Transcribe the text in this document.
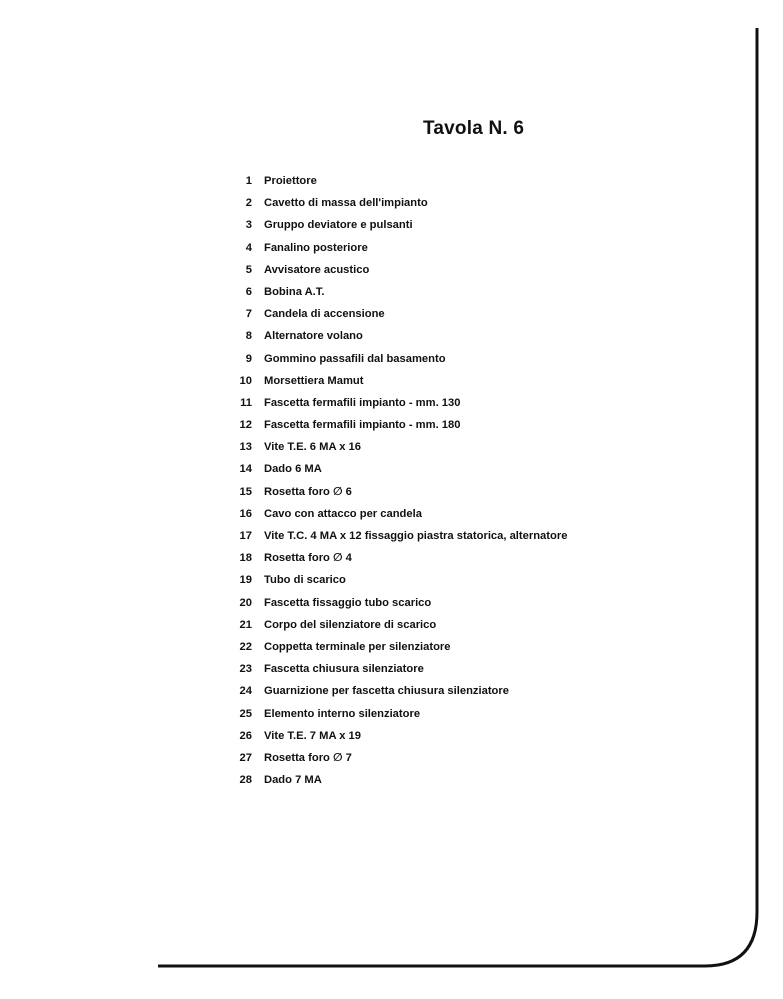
Tavola N. 6
1 Proiettore
2 Cavetto di massa dell'impianto
3 Gruppo deviatore e pulsanti
4 Fanalino posteriore
5 Avvisatore acustico
6 Bobina A.T.
7 Candela di accensione
8 Alternatore volano
9 Gommino passafili dal basamento
10 Morsettiera Mamut
11 Fascetta fermafili impianto - mm. 130
12 Fascetta fermafili impianto - mm. 180
13 Vite T.E. 6 MA x 16
14 Dado 6 MA
15 Rosetta foro ∅ 6
16 Cavo con attacco per candela
17 Vite T.C. 4 MA x 12 fissaggio piastra statorica, alternatore
18 Rosetta foro ∅ 4
19 Tubo di scarico
20 Fascetta fissaggio tubo scarico
21 Corpo del silenziatore di scarico
22 Coppetta terminale per silenziatore
23 Fascetta chiusura silenziatore
24 Guarnizione per fascetta chiusura silenziatore
25 Elemento interno silenziatore
26 Vite T.E. 7 MA x 19
27 Rosetta foro ∅ 7
28 Dado 7 MA
